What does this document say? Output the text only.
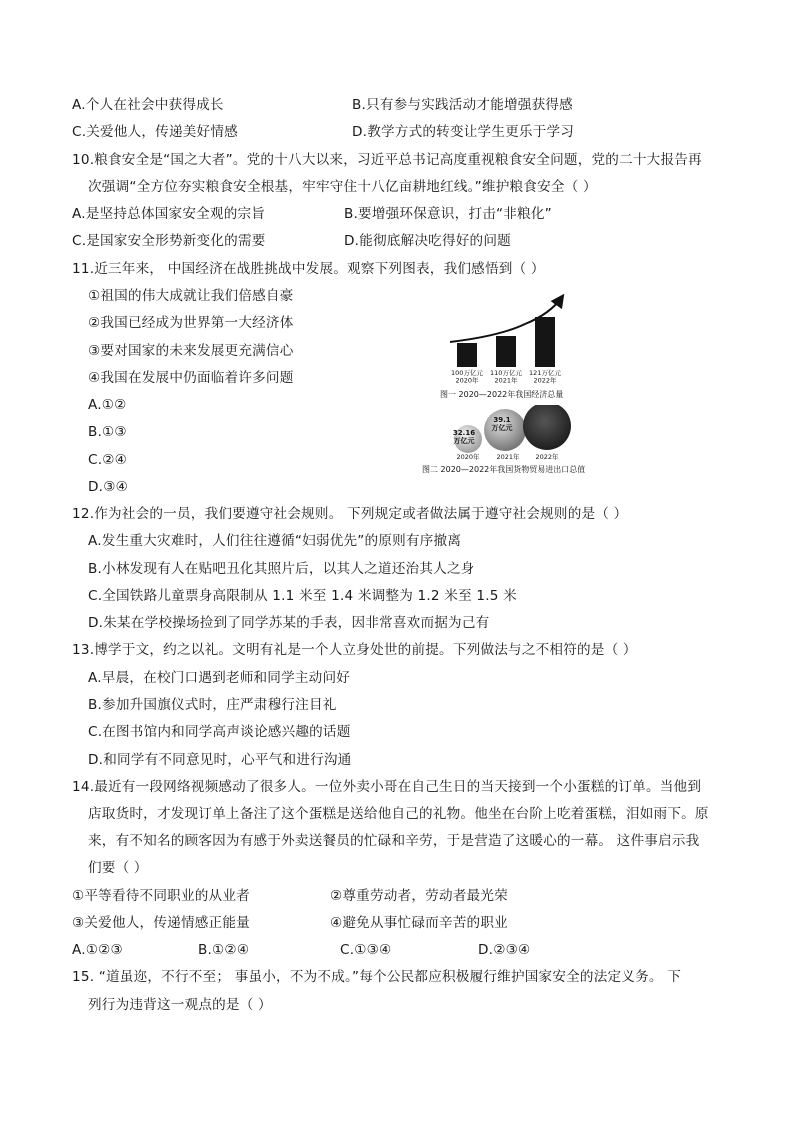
A.个人在社会中获得成长	B.只有参与实践活动才能增强获得感
C.关爱他人，传递美好情感	D.教学方式的转变让学生更乐于学习
10.粮食安全是“国之大者”。党的十八大以来，习近平总书记高度重视粮食安全问题，党的二十大报告再
次强调“全方位夯实粮食安全根基，牢牢守住十八亿亩耕地红线。”维护粮食安全（ ）
A.是坚持总体国家安全观的宗旨	B.要增强环保意识，打击“非粮化”
C.是国家安全形势新变化的需要	D.能彻底解决吃得好的问题
11.近三年来， 中国经济在战胜挑战中发展。观察下列图表，我们感悟到（ ）
①祖国的伟大成就让我们倍感自豪
②我国已经成为世界第一大经济体
③要对国家的未来发展更充满信心
④我国在发展中仍面临着许多问题
A.①②
B.①③
C.②④
D.③④
100万亿元 2020年
110万亿元 2021年
121万亿元 2022年
图一 2020—2022年我国经济总量
32.16 万亿元
39.1 万亿元
2020年	2021年 2022年
图二 2020—2022年我国货物贸易进出口总值
12.作为社会的一员，我们要遵守社会规则。 下列规定或者做法属于遵守社会规则的是（ ）
A.发生重大灾难时，人们往往遵循“妇弱优先”的原则有序撤离
B.小林发现有人在贴吧丑化其照片后，以其人之道还治其人之身
C.全国铁路儿童票身高限制从 1.1 米至 1.4 米调整为 1.2 米至 1.5 米
D.朱某在学校操场捡到了同学苏某的手表，因非常喜欢而据为己有
13.博学于文，约之以礼。文明有礼是一个人立身处世的前提。下列做法与之不相符的是（ ）
A.早晨，在校门口遇到老师和同学主动问好
B.参加升国旗仪式时，庄严肃穆行注目礼
C.在图书馆内和同学高声谈论感兴趣的话题
D.和同学有不同意见时，心平气和进行沟通
14.最近有一段网络视频感动了很多人。一位外卖小哥在自己生日的当天接到一个小蛋糕的订单。当他到
店取货时，才发现订单上备注了这个蛋糕是送给他自己的礼物。他坐在台阶上吃着蛋糕，泪如雨下。原
来，有不知名的顾客因为有感于外卖送餐员的忙碌和辛劳，于是营造了这暖心的一幕。 这件事启示我
们要（ ）
①平等看待不同职业的从业者	②尊重劳动者，劳动者最光荣
③关爱他人，传递情感正能量	④避免从事忙碌而辛苦的职业
A.①②③	B.①②④	C.①③④	D.②③④
15. “道虽迩，不行不至； 事虽小，不为不成。”每个公民都应积极履行维护国家安全的法定义务。 下
列行为违背这一观点的是（ ）
